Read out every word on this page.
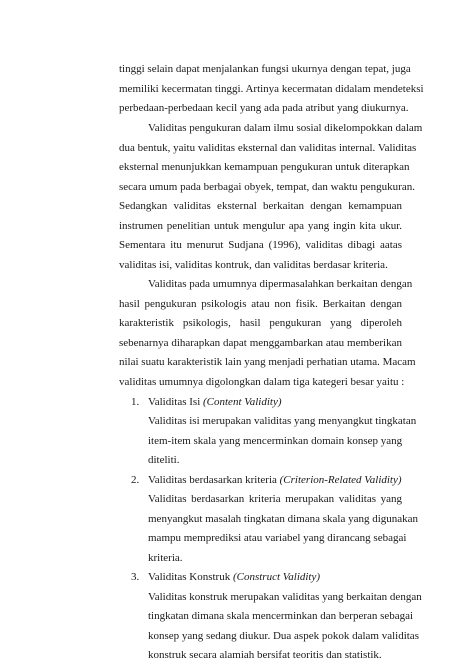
tinggi selain dapat menjalankan fungsi ukurnya dengan tepat, juga
memiliki kecermatan tinggi. Artinya kecermatan didalam mendeteksi
perbedaan-perbedaan kecil yang ada pada atribut yang diukurnya.
Validitas pengukuran dalam ilmu sosial dikelompokkan dalam
dua bentuk, yaitu validitas eksternal dan validitas internal. Validitas
eksternal menunjukkan kemampuan pengukuran untuk diterapkan
secara umum pada berbagai obyek, tempat, dan waktu pengukuran.
Sedangkan validitas eksternal berkaitan dengan kemampuan
instrumen penelitian untuk mengulur apa yang ingin kita ukur.
Sementara itu menurut Sudjana (1996), validitas dibagi aatas
validitas isi, validitas kontruk, dan validitas berdasar kriteria.
Validitas pada umumnya dipermasalahkan berkaitan dengan
hasil pengukuran psikologis atau non fisik. Berkaitan dengan
karakteristik psikologis, hasil pengukuran yang diperoleh
sebenarnya diharapkan dapat menggambarkan atau memberikan
nilai suatu karakteristik lain yang menjadi perhatian utama. Macam
validitas umumnya digolongkan dalam tiga kategeri besar yaitu :
1. Validitas Isi (Content Validity)
Validitas isi merupakan validitas yang menyangkut tingkatan
item-item skala yang mencerminkan domain konsep yang
diteliti.
2. Validitas berdasarkan kriteria (Criterion-Related Validity)
Validitas berdasarkan kriteria merupakan validitas yang
menyangkut masalah tingkatan dimana skala yang digunakan
mampu memprediksi atau variabel yang dirancang sebagai
kriteria.
3. Validitas Konstruk (Construct Validity)
Validitas konstruk merupakan validitas yang berkaitan dengan
tingkatan dimana skala mencerminkan dan berperan sebagai
konsep yang sedang diukur. Dua aspek pokok dalam validitas
konstruk secara alamiah bersifat teoritis dan statistik.
